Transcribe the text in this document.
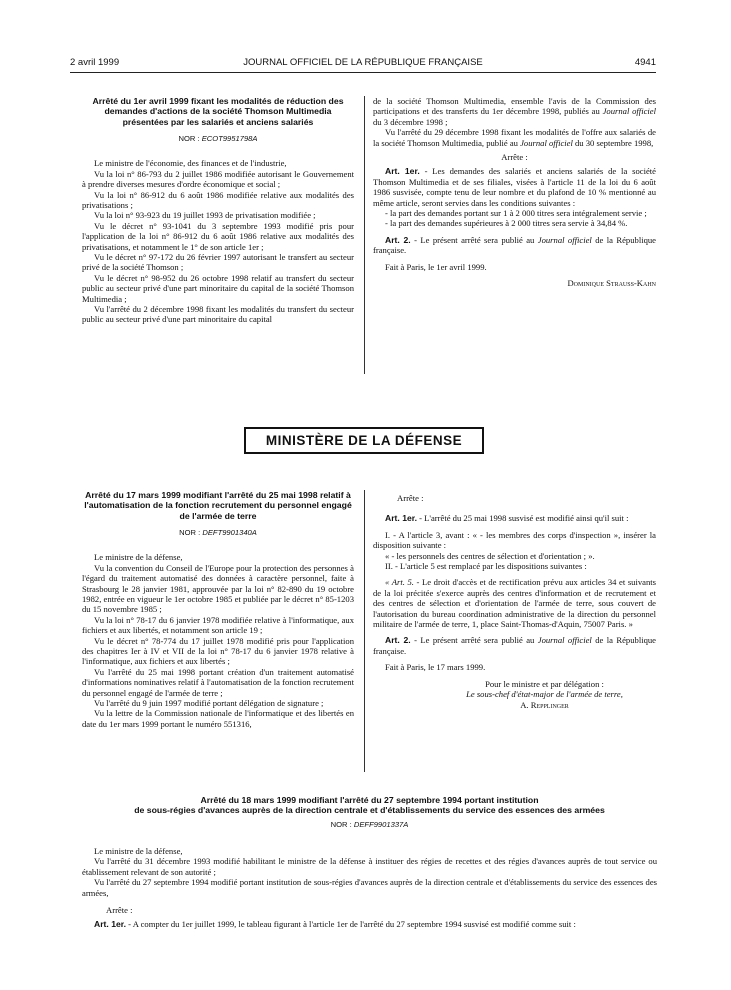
2 avril 1999	JOURNAL OFFICIEL DE LA RÉPUBLIQUE FRANÇAISE	4941

Arrêté du 1er avril 1999 fixant les modalités de réduction des demandes d'actions de la société Thomson Multimedia présentées par les salariés et anciens salariés

NOR : ECOT9951798A

Le ministre de l'économie, des finances et de l'industrie,

Vu la loi n° 86-793 du 2 juillet 1986 modifiée autorisant le Gouvernement à prendre diverses mesures d'ordre économique et social ;

Vu la loi n° 86-912 du 6 août 1986 modifiée relative aux modalités des privatisations ;

Vu la loi n° 93-923 du 19 juillet 1993 de privatisation modifiée ;

Vu le décret n° 93-1041 du 3 septembre 1993 modifié pris pour l'application de la loi n° 86-912 du 6 août 1986 relative aux modalités des privatisations, et notamment le 1° de son article 1er ;

Vu le décret n° 97-172 du 26 février 1997 autorisant le transfert au secteur privé de la société Thomson ;

Vu le décret n° 98-952 du 26 octobre 1998 relatif au transfert du secteur public au secteur privé d'une part minoritaire du capital de la société Thomson Multimedia ;

Vu l'arrêté du 2 décembre 1998 fixant les modalités du transfert du secteur public au secteur privé d'une part minoritaire du capital

de la société Thomson Multimedia, ensemble l'avis de la Commission des participations et des transferts du 1er décembre 1998, publiés au Journal officiel du 3 décembre 1998 ;

Vu l'arrêté du 29 décembre 1998 fixant les modalités de l'offre aux salariés de la société Thomson Multimedia, publié au Journal officiel du 30 septembre 1998,

Arrête :

Art. 1er. - Les demandes des salariés et anciens salariés de la société Thomson Multimedia et de ses filiales, visées à l'article 11 de la loi du 6 août 1986 susvisée, compte tenu de leur nombre et du plafond de 10 % mentionné au même article, seront servies dans les conditions suivantes :

- la part des demandes portant sur 1 à 2 000 titres sera intégralement servie ;

- la part des demandes supérieures à 2 000 titres sera servie à 34,84 %.

Art. 2. - Le présent arrêté sera publié au Journal officiel de la République française.

Fait à Paris, le 1er avril 1999.

Dominique Strauss-Kahn

MINISTÈRE DE LA DÉFENSE

Arrêté du 17 mars 1999 modifiant l'arrêté du 25 mai 1998 relatif à l'automatisation de la fonction recrutement du personnel engagé de l'armée de terre

NOR : DEFT9901340A

Le ministre de la défense,

Vu la convention du Conseil de l'Europe pour la protection des personnes à l'égard du traitement automatisé des données à caractère personnel, faite à Strasbourg le 28 janvier 1981, approuvée par la loi n° 82-890 du 19 octobre 1982, entrée en vigueur le 1er octobre 1985 et publiée par le décret n° 85-1203 du 15 novembre 1985 ;

Vu la loi n° 78-17 du 6 janvier 1978 modifiée relative à l'informatique, aux fichiers et aux libertés, et notamment son article 19 ;

Vu le décret n° 78-774 du 17 juillet 1978 modifié pris pour l'application des chapitres Ier à IV et VII de la loi n° 78-17 du 6 janvier 1978 relative à l'informatique, aux fichiers et aux libertés ;

Vu l'arrêté du 25 mai 1998 portant création d'un traitement automatisé d'informations nominatives relatif à l'automatisation de la fonction recrutement du personnel engagé de l'armée de terre ;

Vu l'arrêté du 9 juin 1997 modifié portant délégation de signature ;

Vu la lettre de la Commission nationale de l'informatique et des libertés en date du 1er mars 1999 portant le numéro 551316,

Arrête :

Art. 1er. - L'arrêté du 25 mai 1998 susvisé est modifié ainsi qu'il suit :

I. - A l'article 3, avant : « - les membres des corps d'inspection », insérer la disposition suivante :

« - les personnels des centres de sélection et d'orientation ; ».

II. - L'article 5 est remplacé par les dispositions suivantes :

« Art. 5. - Le droit d'accès et de rectification prévu aux articles 34 et suivants de la loi précitée s'exerce auprès des centres d'information et de recrutement et des centres de sélection et d'orientation de l'armée de terre, sous couvert de l'autorisation du bureau coordination administrative de la direction du personnel militaire de l'armée de terre, 1, place Saint-Thomas-d'Aquin, 75007 Paris. »

Art. 2. - Le présent arrêté sera publié au Journal officiel de la République française.

Fait à Paris, le 17 mars 1999.

Pour le ministre et par délégation :

Le sous-chef d'état-major de l'armée de terre,

A. Repplinger

Arrêté du 18 mars 1999 modifiant l'arrêté du 27 septembre 1994 portant institution

de sous-régies d'avances auprès de la direction centrale et d'établissements du service des essences des armées

NOR : DEFF9901337A

Le ministre de la défense,

Vu l'arrêté du 31 décembre 1993 modifié habilitant le ministre de la défense à instituer des régies de recettes et des régies d'avances auprès de tout service ou établissement relevant de son autorité ;

Vu l'arrêté du 27 septembre 1994 modifié portant institution de sous-régies d'avances auprès de la direction centrale et d'établissements du service des essences des armées,

Arrête :

Art. 1er. - A compter du 1er juillet 1999, le tableau figurant à l'article 1er de l'arrêté du 27 septembre 1994 susvisé est modifié comme suit :
